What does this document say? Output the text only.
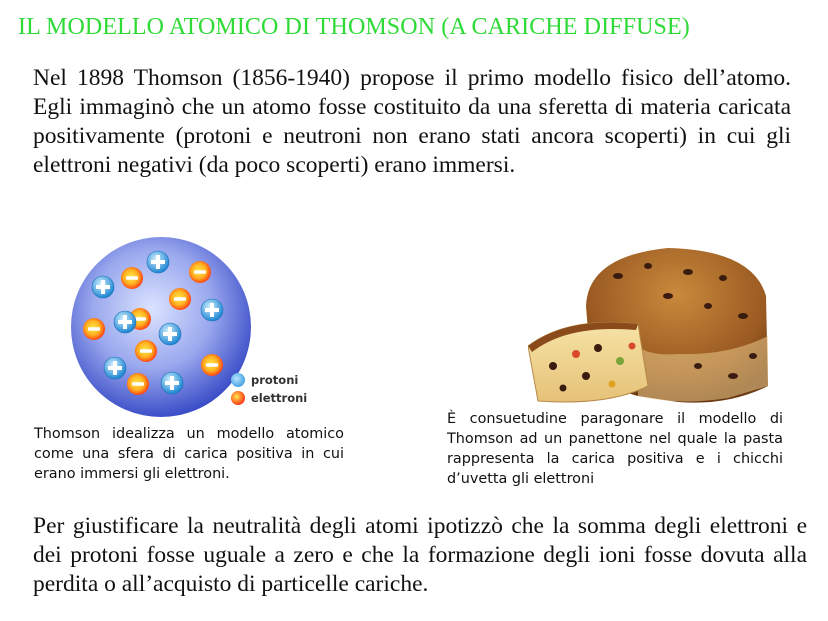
IL MODELLO ATOMICO DI THOMSON (A CARICHE DIFFUSE)
Nel 1898 Thomson (1856-1940) propose il primo modello fisico dell’atomo. Egli immaginò che un atomo fosse costituito da una sferetta di materia caricata positivamente (protoni e neutroni non erano stati ancora scoperti) in cui gli elettroni negativi (da poco scoperti) erano immersi.
protoni
elettroni
Thomson idealizza un modello atomico come una sfera di carica positiva in cui erano immersi gli elettroni.
È consuetudine paragonare il modello di Thomson ad un panettone nel quale la pasta rappresenta la carica positiva e i chicchi d’uvetta gli elettroni
Per giustificare la neutralità degli atomi ipotizzò che la somma degli elettroni e dei protoni fosse uguale a zero e che la formazione degli ioni fosse dovuta alla perdita o all’acquisto di particelle cariche.
